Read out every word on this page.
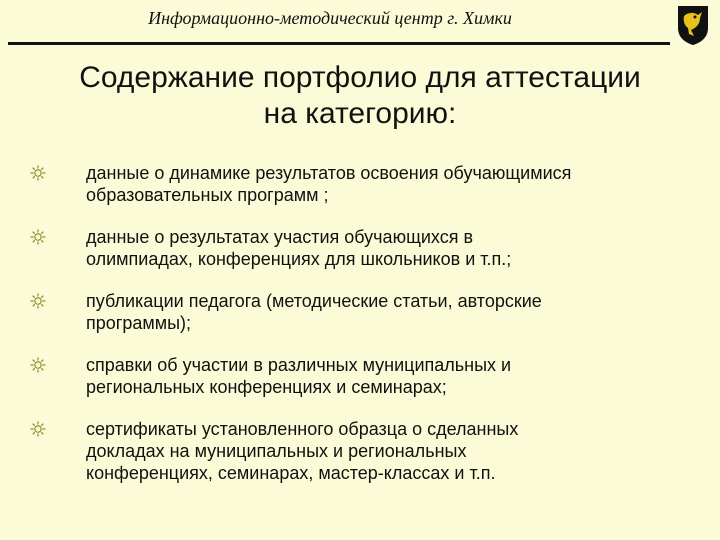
Информационно-методический центр г. Химки
Содержание портфолио для аттестации
на категорию:
данные о динамике результатов освоения обучающимися
образовательных программ ;
данные о результатах участия обучающихся в
олимпиадах, конференциях для школьников и т.п.;
публикации педагога (методические статьи, авторские
программы);
справки об участии в различных муниципальных и
региональных конференциях и семинарах;
сертификаты установленного образца о сделанных
докладах на муниципальных и региональных
конференциях, семинарах, мастер-классах и т.п.
